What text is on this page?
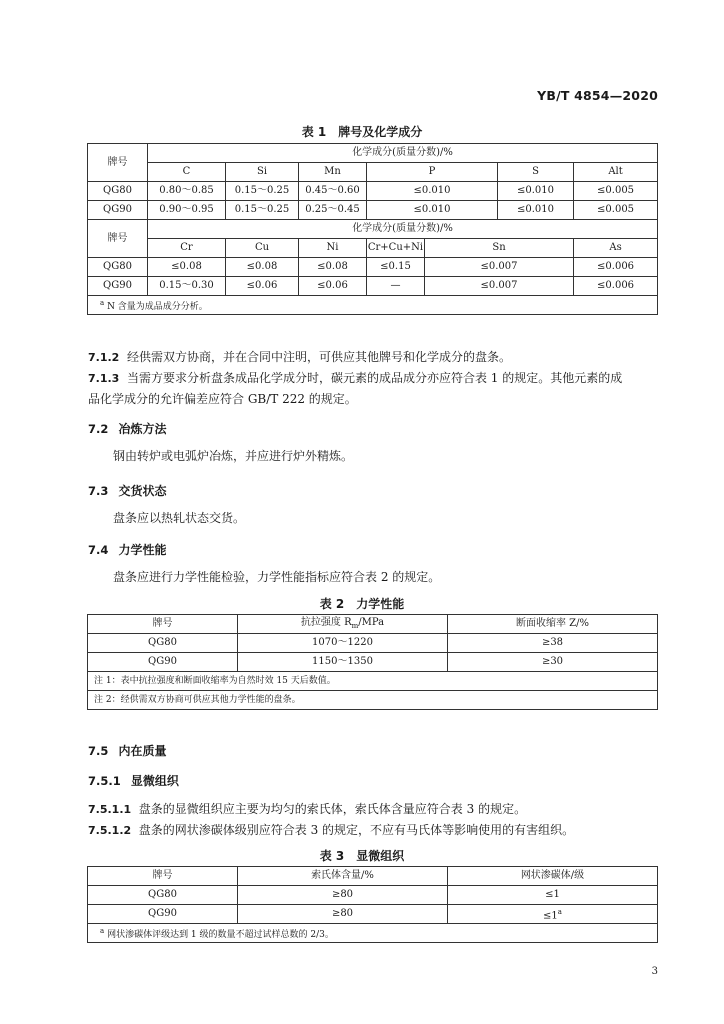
YB/T 4854—2020
表 1　牌号及化学成分
牌号	化学成分(质量分数)/%							
	C	Si	Mn	P		S	Alt	
QG80	0.80～0.85	0.15～0.25	0.45～0.60	≤0.010		≤0.010	≤0.005	
QG90	0.90～0.95	0.15～0.25	0.25～0.45	≤0.010		≤0.010	≤0.005	
牌号	化学成分(质量分数)/%							
	Cr	Cu	Ni	Cr+Cu+Ni	Sn		As	
QG80	≤0.08	≤0.08	≤0.08	≤0.15	≤0.007		≤0.006	
QG90	0.15～0.30	≤0.06	≤0.06	—	≤0.007		≤0.006	
$^a$ N 含量为成品成分分析。								
7.1.2 经供需双方协商，并在合同中注明，可供应其他牌号和化学成分的盘条。
7.1.3 当需方要求分析盘条成品化学成分时，碳元素的成品成分亦应符合表 1 的规定。其他元素的成
品化学成分的允许偏差应符合 GB/T 222 的规定。
7.2 冶炼方法
钢由转炉或电弧炉冶炼，并应进行炉外精炼。
7.3 交货状态
盘条应以热轧状态交货。
7.4 力学性能
盘条应进行力学性能检验，力学性能指标应符合表 2 的规定。
表 2　力学性能
牌号	抗拉强度 $R_m$/MPa	断面收缩率 Z/%
QG80	1070～1220	≥38
QG90	1150～1350	≥30
注 1：表中抗拉强度和断面收缩率为自然时效 15 天后数值。		
注 2：经供需双方协商可供应其他力学性能的盘条。		
7.5 内在质量
7.5.1 显微组织
7.5.1.1 盘条的显微组织应主要为均匀的索氏体，索氏体含量应符合表 3 的规定。
7.5.1.2 盘条的网状渗碳体级别应符合表 3 的规定，不应有马氏体等影响使用的有害组织。
表 3　显微组织
牌号	索氏体含量/%	网状渗碳体/级
QG80	≥80	≤1
QG90	≥80	$\le 1^a$
$^a$ 网状渗碳体评级达到 1 级的数量不超过试样总数的 2/3。		
3
